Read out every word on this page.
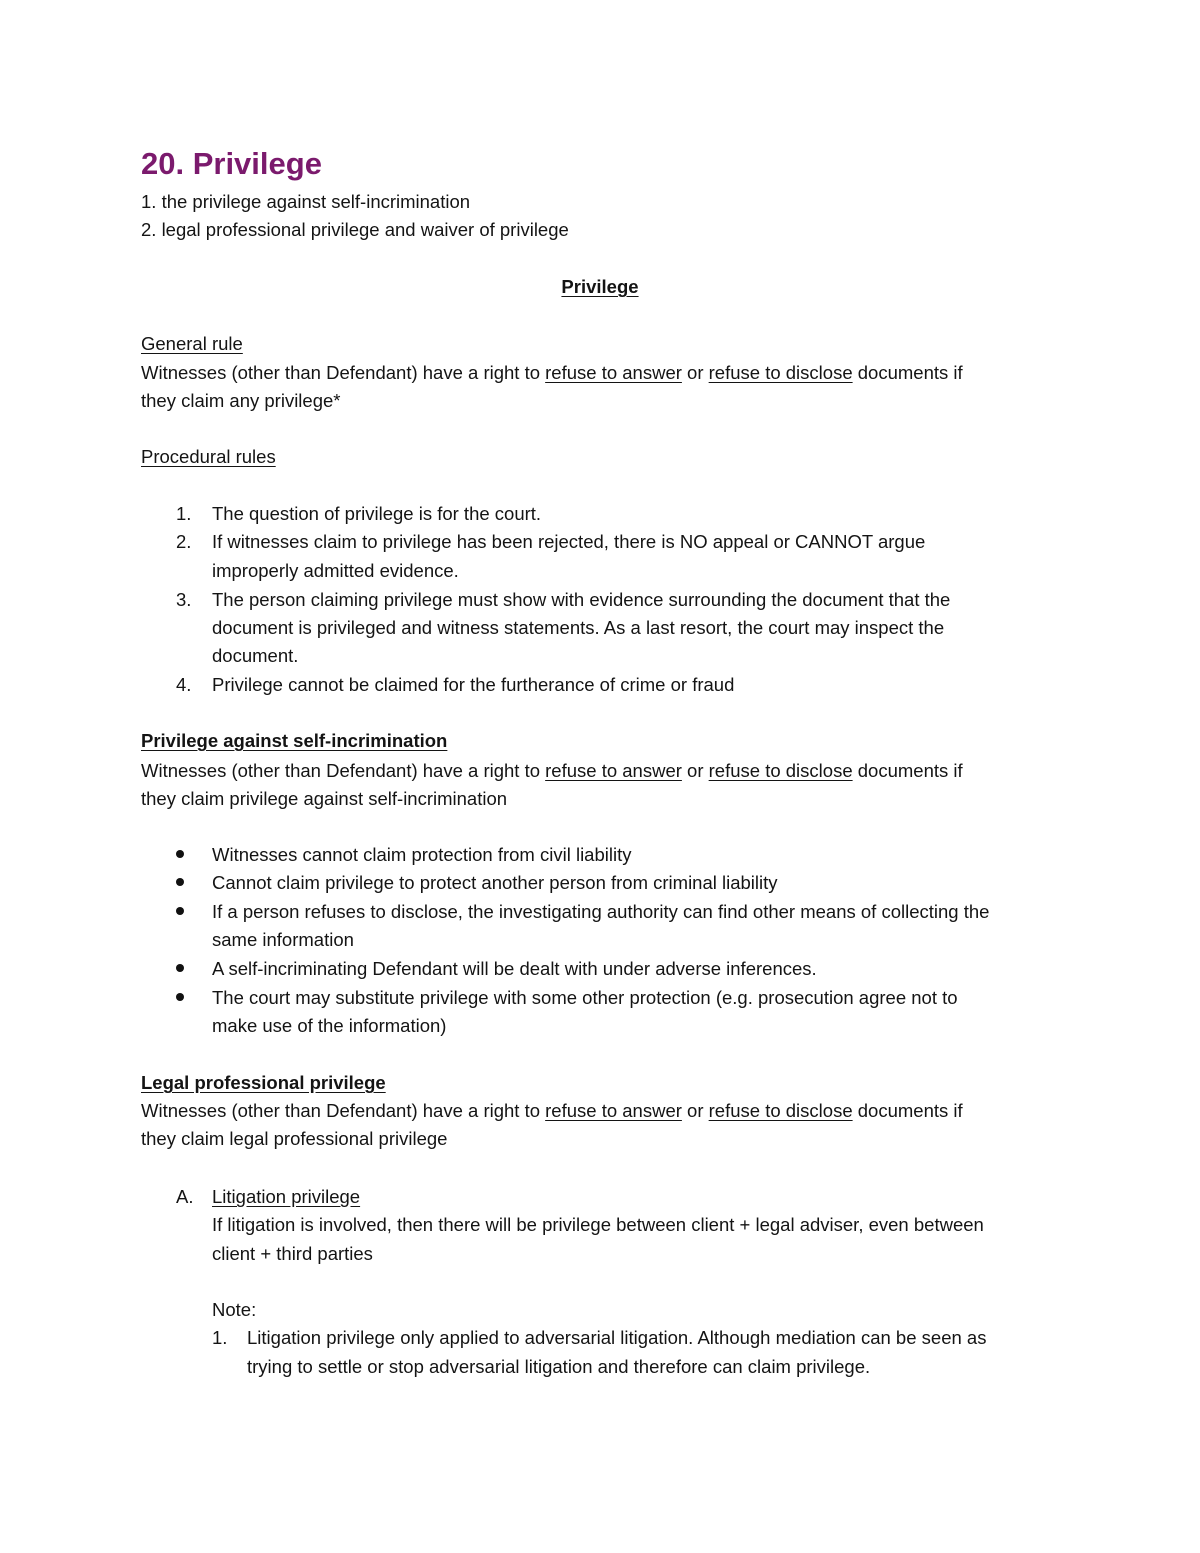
20. Privilege
1. the privilege against self-incrimination
2. legal professional privilege and waiver of privilege
Privilege
General rule
Witnesses (other than Defendant) have a right to refuse to answer or refuse to disclose documents if
they claim any privilege*
Procedural rules
1. The question of privilege is for the court.
2. If witnesses claim to privilege has been rejected, there is NO appeal or CANNOT argue
improperly admitted evidence.
3. The person claiming privilege must show with evidence surrounding the document that the
document is privileged and witness statements. As a last resort, the court may inspect the
document.
4. Privilege cannot be claimed for the furtherance of crime or fraud
Privilege against self-incrimination
Witnesses (other than Defendant) have a right to refuse to answer or refuse to disclose documents if
they claim privilege against self-incrimination
Witnesses cannot claim protection from civil liability
Cannot claim privilege to protect another person from criminal liability
If a person refuses to disclose, the investigating authority can find other means of collecting the
same information
A self-incriminating Defendant will be dealt with under adverse inferences.
The court may substitute privilege with some other protection (e.g. prosecution agree not to
make use of the information)
Legal professional privilege
Witnesses (other than Defendant) have a right to refuse to answer or refuse to disclose documents if
they claim legal professional privilege
A. Litigation privilege
If litigation is involved, then there will be privilege between client + legal adviser, even between
client + third parties
Note:
1. Litigation privilege only applied to adversarial litigation. Although mediation can be seen as
trying to settle or stop adversarial litigation and therefore can claim privilege.
